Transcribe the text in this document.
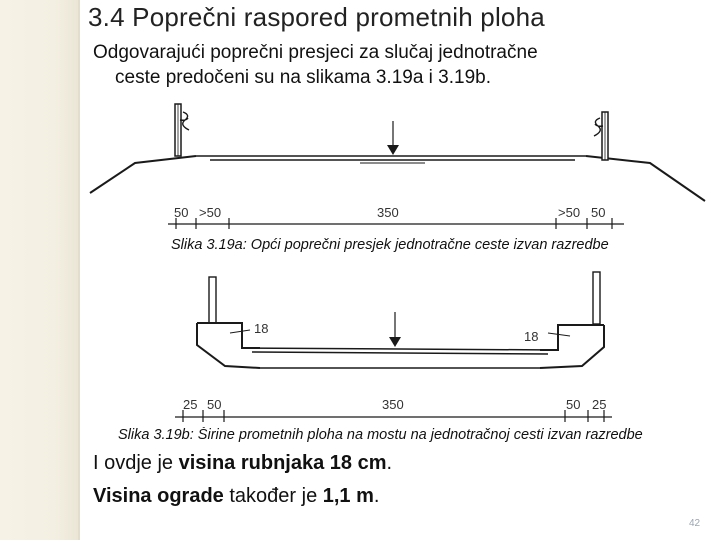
3.4 Poprečni raspored prometnih ploha
Odgovarajući poprečni presjeci za slučaj jednotračne
ceste predočeni su na slikama 3.19a i 3.19b.
50 >50	350	>50 50
18
18
25 50	350	50 25
Slika 3.19a: Opći poprečni presjek jednotračne ceste izvan razredbe
Slika 3.19b: Širine prometnih ploha na mostu na jednotračnoj cesti izvan razredbe
I ovdje je visina rubnjaka 18 cm.
Visina ograde također je 1,1 m.
42
